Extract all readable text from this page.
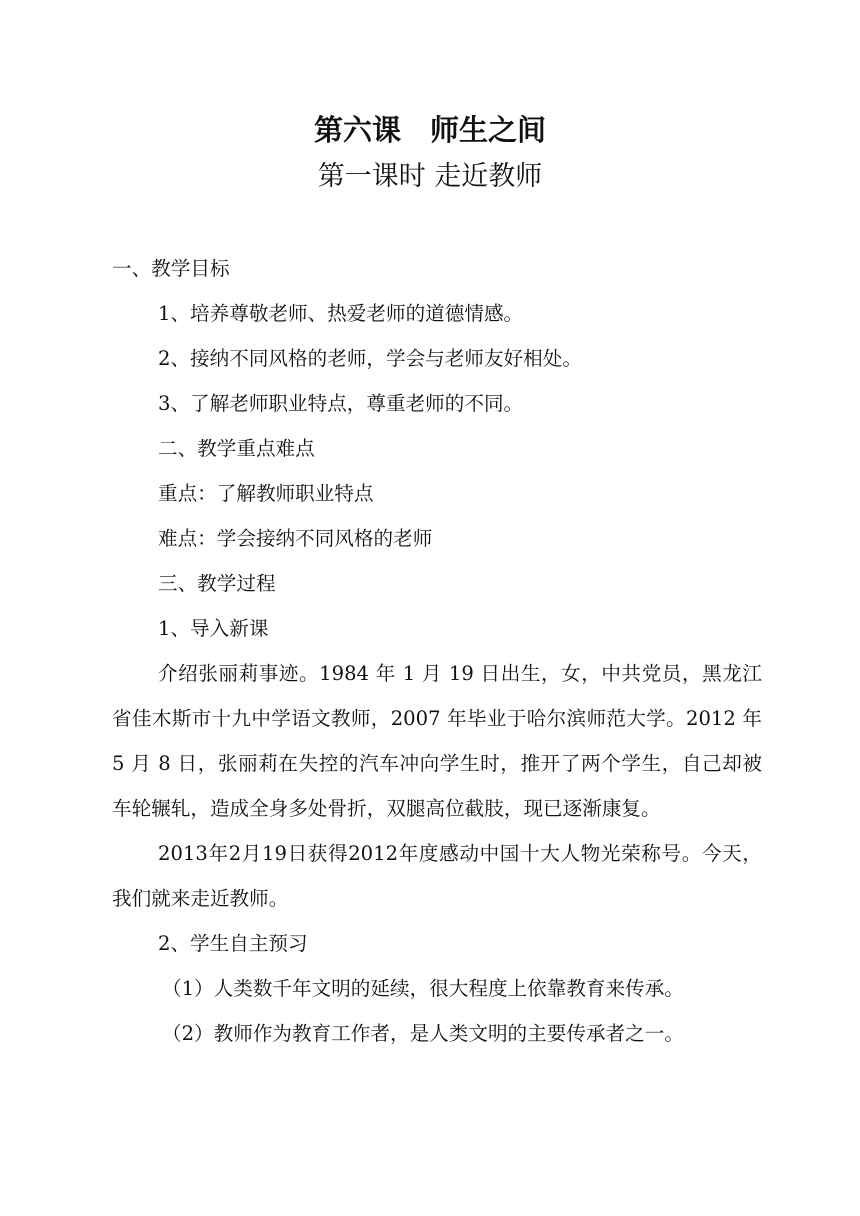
第六课　师生之间
第一课时 走近教师
一、教学目标
1、培养尊敬老师、热爱老师的道德情感。
2、接纳不同风格的老师，学会与老师友好相处。
3、了解老师职业特点，尊重老师的不同。
二、教学重点难点
重点：了解教师职业特点
难点：学会接纳不同风格的老师
三、教学过程
1、导入新课
介绍张丽莉事迹。1984 年 1 月 19 日出生，女，中共党员，黑龙江省佳木斯市十九中学语文教师，2007 年毕业于哈尔滨师范大学。2012 年 5 月 8 日，张丽莉在失控的汽车冲向学生时，推开了两个学生，自己却被车轮辗轧，造成全身多处骨折，双腿高位截肢，现已逐渐康复。
2013年2月19日获得2012年度感动中国十大人物光荣称号。今天，我们就来走近教师。
2、学生自主预习
（1）人类数千年文明的延续，很大程度上依靠教育来传承。
（2）教师作为教育工作者，是人类文明的主要传承者之一。
